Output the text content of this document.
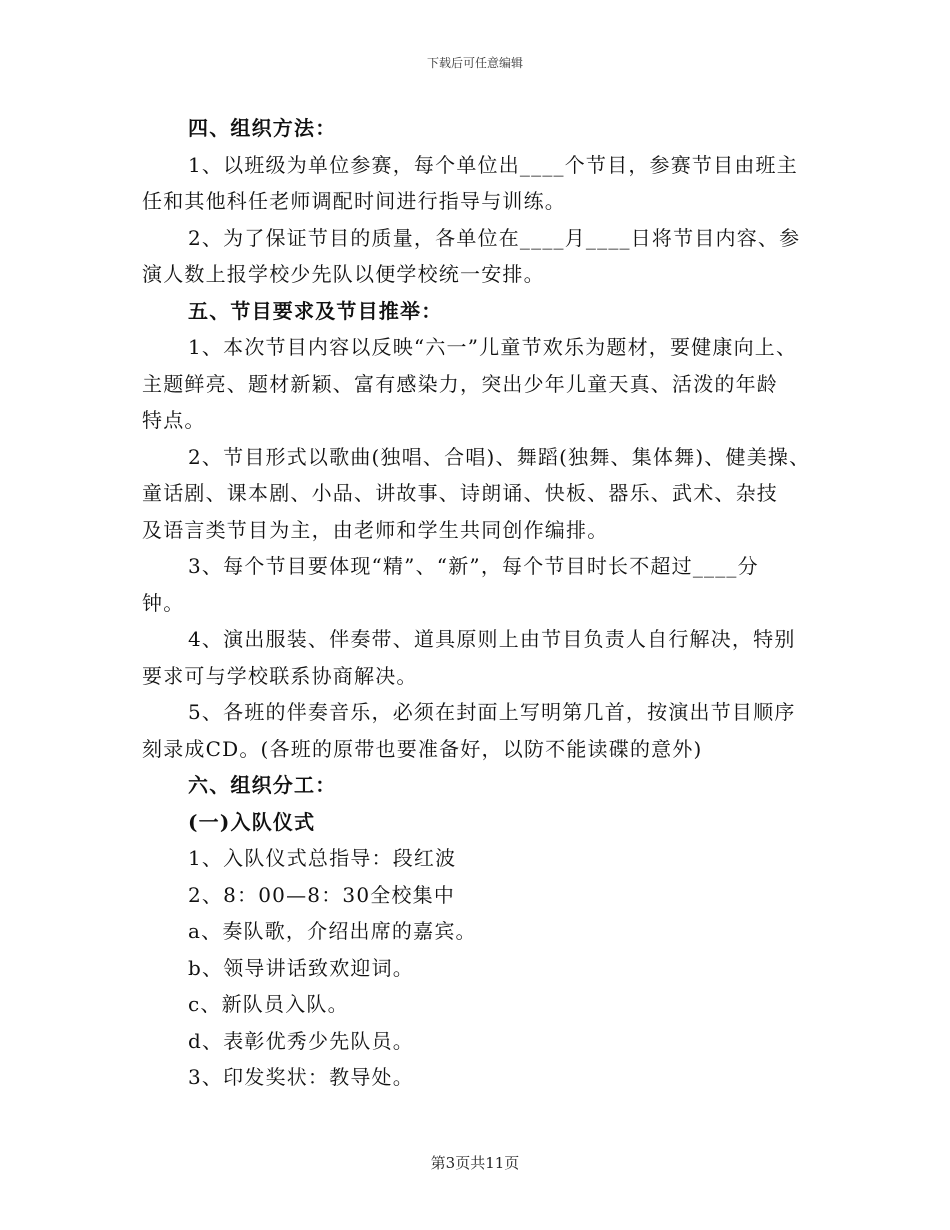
下载后可任意编辑
四、组织方法：
1、以班级为单位参赛，每个单位出____个节目，参赛节目由班主
任和其他科任老师调配时间进行指导与训练。
2、为了保证节目的质量，各单位在____月____日将节目内容、参
演人数上报学校少先队以便学校统一安排。
五、节目要求及节目推举：
1、本次节目内容以反映“六一”儿童节欢乐为题材，要健康向上、
主题鲜亮、题材新颖、富有感染力，突出少年儿童天真、活泼的年龄
特点。
2、节目形式以歌曲(独唱、合唱)、舞蹈(独舞、集体舞)、健美操、
童话剧、课本剧、小品、讲故事、诗朗诵、快板、器乐、武术、杂技
及语言类节目为主，由老师和学生共同创作编排。
3、每个节目要体现“精”、“新”，每个节目时长不超过____分
钟。
4、演出服装、伴奏带、道具原则上由节目负责人自行解决，特别
要求可与学校联系协商解决。
5、各班的伴奏音乐，必须在封面上写明第几首，按演出节目顺序
刻录成CD。(各班的原带也要准备好，以防不能读碟的意外)
六、组织分工：
(一)入队仪式
1、入队仪式总指导：段红波
2、8：00—8：30全校集中
a、奏队歌，介绍出席的嘉宾。
b、领导讲话致欢迎词。
c、新队员入队。
d、表彰优秀少先队员。
3、印发奖状：教导处。
第3页共11页
